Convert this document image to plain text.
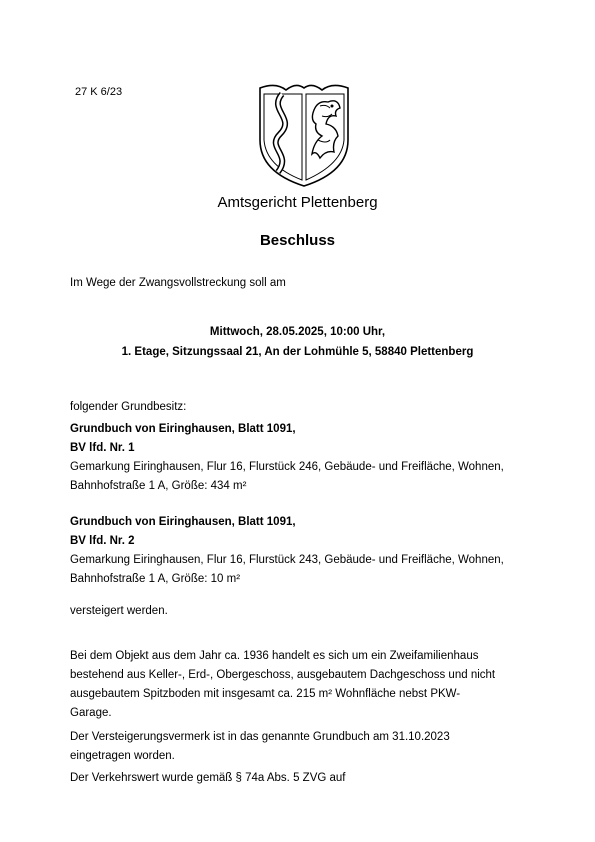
27 K 6/23
Amtsgericht Plettenberg
Beschluss
Im Wege der Zwangsvollstreckung soll am
Mittwoch, 28.05.2025, 10:00 Uhr,
1. Etage, Sitzungssaal 21, An der Lohmühle 5, 58840 Plettenberg
folgender Grundbesitz:
Grundbuch von Eiringhausen, Blatt 1091,
BV lfd. Nr. 1
Gemarkung Eiringhausen, Flur 16, Flurstück 246, Gebäude- und Freifläche, Wohnen,
Bahnhofstraße 1 A, Größe: 434 m²
Grundbuch von Eiringhausen, Blatt 1091,
BV lfd. Nr. 2
Gemarkung Eiringhausen, Flur 16, Flurstück 243, Gebäude- und Freifläche, Wohnen,
Bahnhofstraße 1 A, Größe: 10 m²
versteigert werden.
Bei dem Objekt aus dem Jahr ca. 1936 handelt es sich um ein Zweifamilienhaus
bestehend aus Keller-, Erd-, Obergeschoss, ausgebautem Dachgeschoss und nicht
ausgebautem Spitzboden mit insgesamt ca. 215 m² Wohnfläche nebst PKW-
Garage.
Der Versteigerungsvermerk ist in das genannte Grundbuch am 31.10.2023
eingetragen worden.
Der Verkehrswert wurde gemäß § 74a Abs. 5 ZVG auf
